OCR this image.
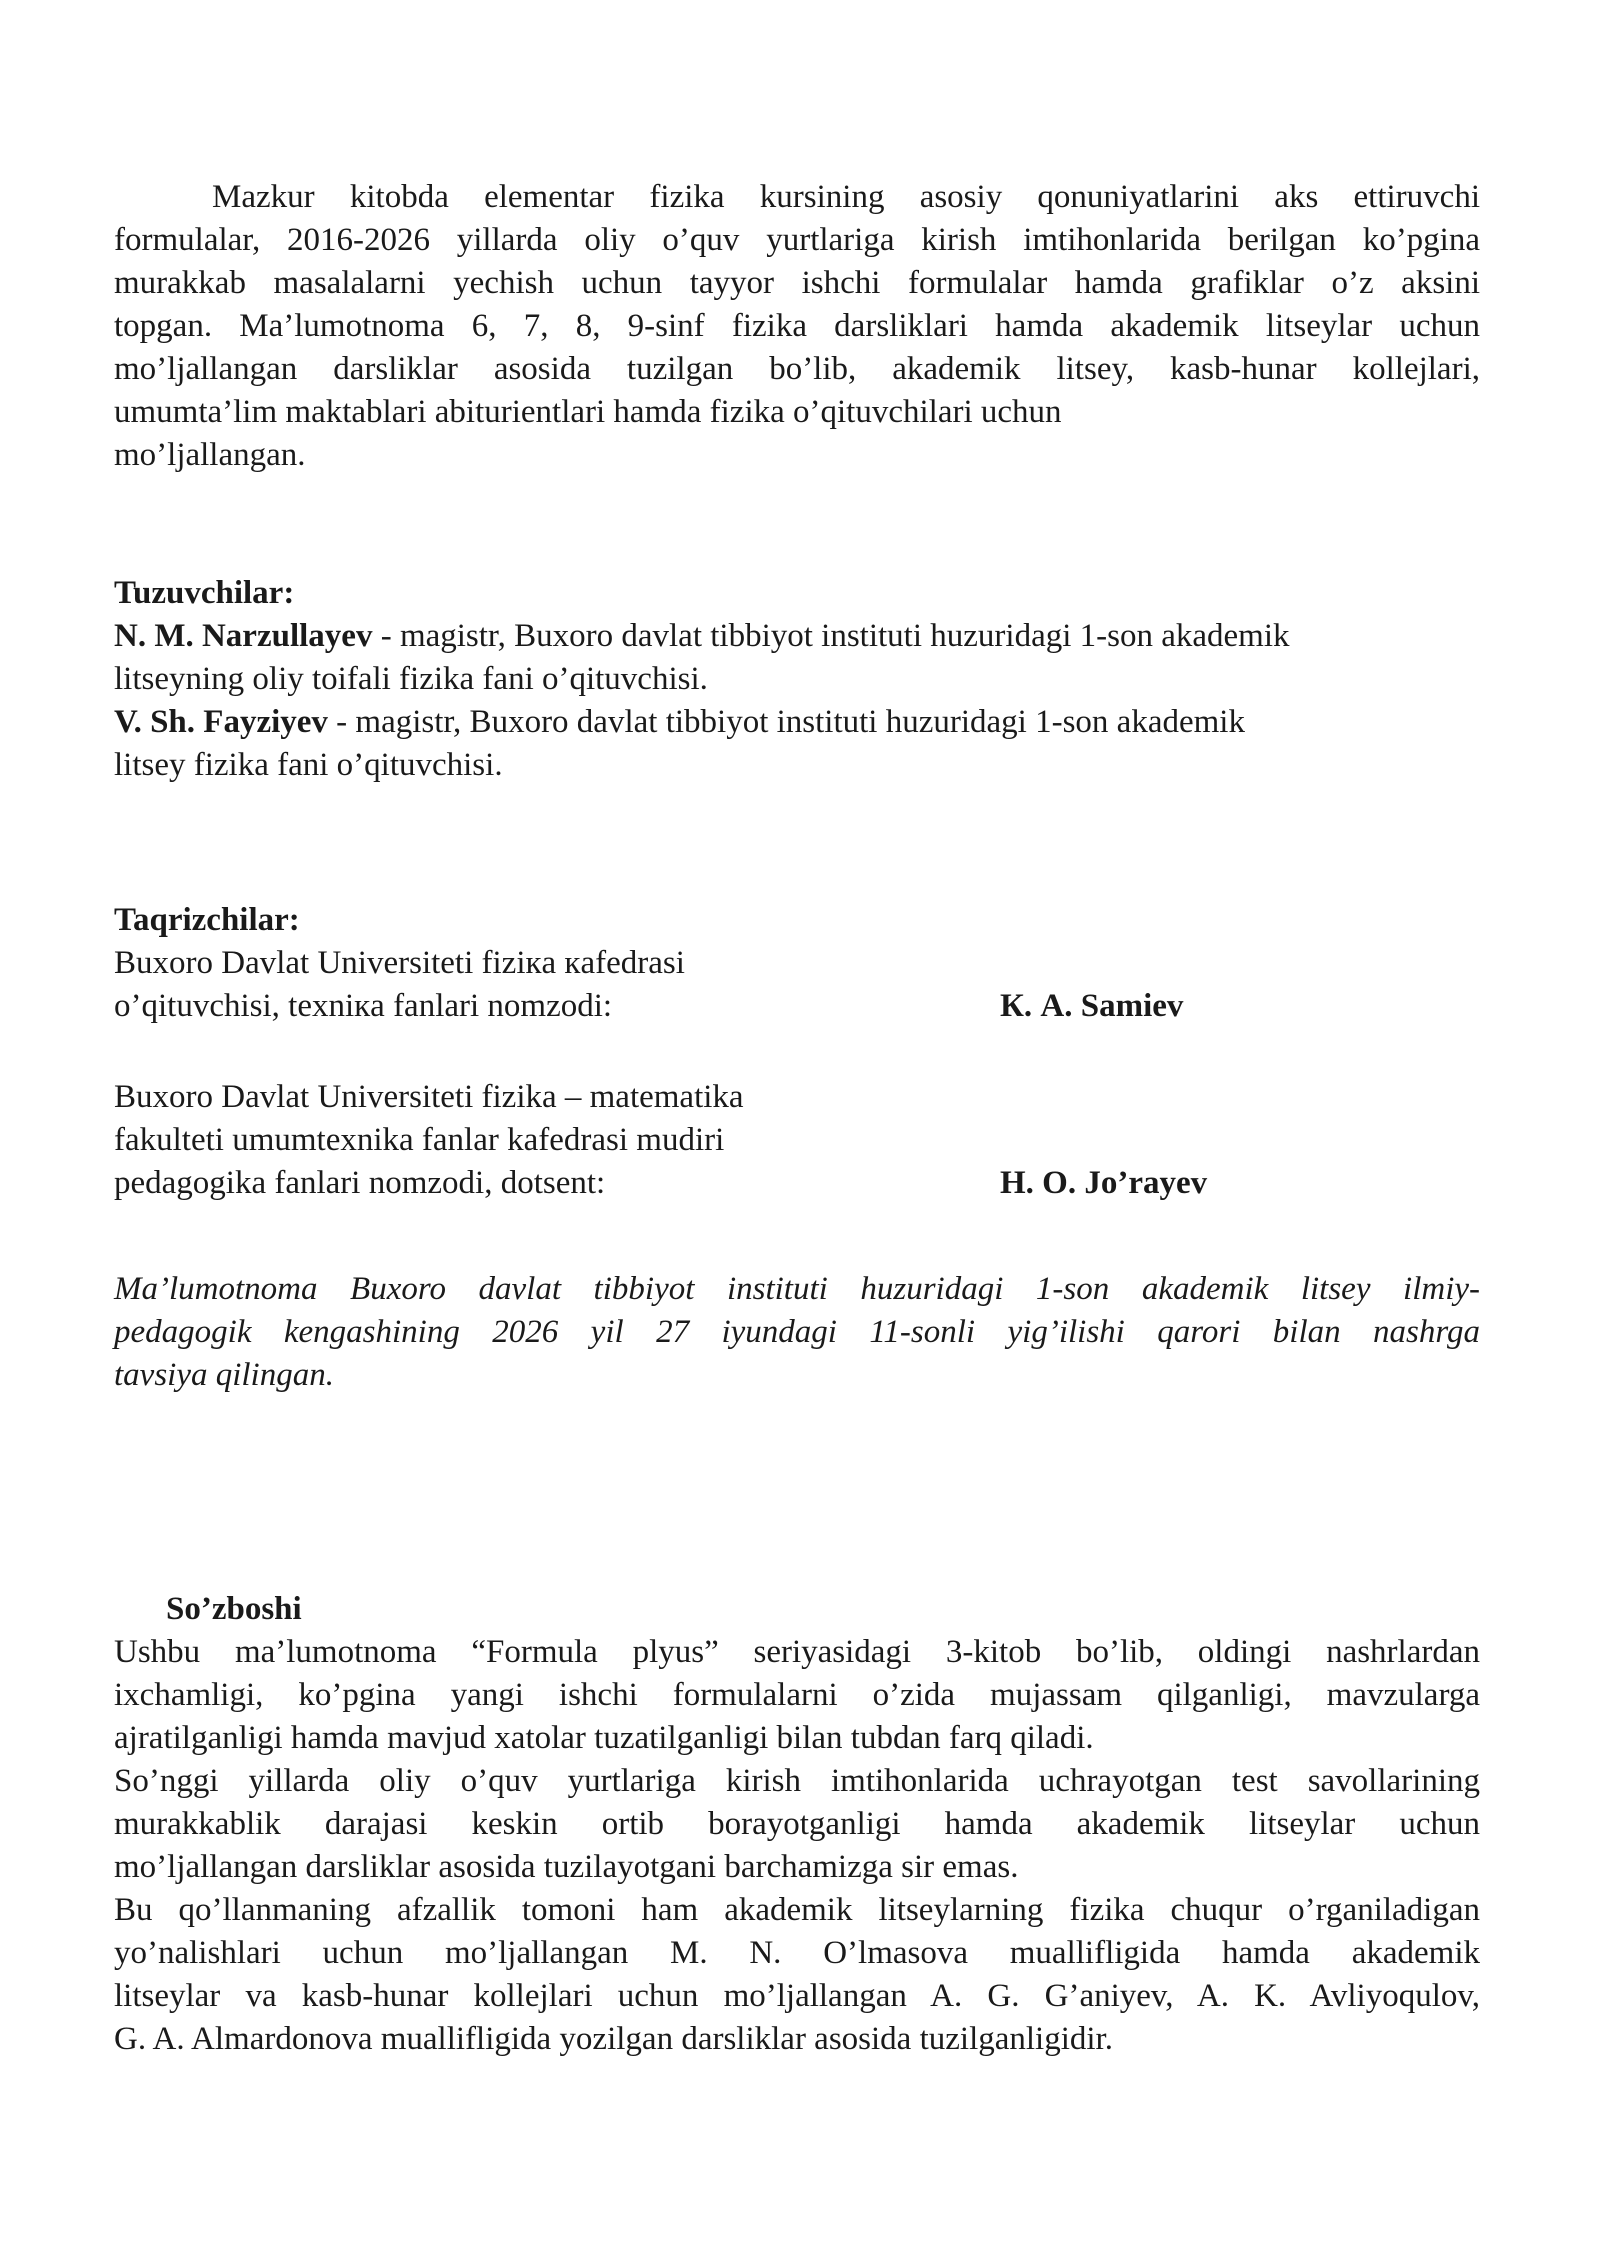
Mazkur kitobda elementar fizika kursining asosiy qonuniyatlarini aks ettiruvchi

formulalar, 2016-2026 yillarda oliy o’quv yurtlariga kirish imtihonlarida berilgan ko’pgina

murakkab masalalarni yechish uchun tayyor ishchi formulalar hamda grafiklar o’z aksini

topgan. Ma’lumotnoma 6, 7, 8, 9-sinf fizika darsliklari hamda akademik litseylar uchun

mo’ljallangan darsliklar asosida tuzilgan bo’lib, akademik litsey, kasb-hunar kollejlari,

umumta’lim maktablari abiturientlari hamda fizika o’qituvchilari uchun

mo’ljallangan.

Tuzuvchilar:

N. M. Narzullayev - magistr, Buxoro davlat tibbiyot instituti huzuridagi 1-son akademik

litseyning oliy toifali fizika fani o’qituvchisi.

V. Sh. Fayziyev - magistr, Buxoro davlat tibbiyot instituti huzuridagi 1-son akademik

litsey fizika fani o’qituvchisi.

Taqrizchilar:

Buxoro Davlat Universiteti fiziкa кafedrasi

o’qituvchisi, texniкa fanlari nomzodi:	К. A. Samiev

Buxoro Davlat Universiteti fizika – matematika

fakulteti umumtexnika fanlar kafedrasi mudiri

pedagogika fanlari nomzodi, dotsent:	H. O. Jo’rayev

Ma’lumotnoma Buxoro davlat tibbiyot instituti huzuridagi 1-son akademik litsey ilmiy-

pedagogik kengashining 2026 yil 27 iyundagi 11-sonli yig’ilishi qarori bilan nashrga

tavsiya qilingan.

So’zboshi

Ushbu ma’lumotnoma “Formula plyus” seriyasidagi 3-kitob bo’lib, oldingi nashrlardan

ixchamligi, ko’pgina yangi ishchi formulalarni o’zida mujassam qilganligi, mavzularga

ajratilganligi hamda mavjud xatolar tuzatilganligi bilan tubdan farq qiladi.

So’nggi yillarda oliy o’quv yurtlariga kirish imtihonlarida uchrayotgan test savollarining

murakkablik darajasi keskin ortib borayotganligi hamda akademik litseylar uchun

mo’ljallangan darsliklar asosida tuzilayotgani barchamizga sir emas.

Bu qo’llanmaning afzallik tomoni ham akademik litseylarning fizika chuqur o’rganiladigan

yo’nalishlari uchun mo’ljallangan M. N. O’lmasova muallifligida hamda akademik

litseylar va kasb-hunar kollejlari uchun mo’ljallangan A. G. G’aniyev, A. K. Avliyoqulov,

G. A. Almardonova muallifligida yozilgan darsliklar asosida tuzilganligidir.
